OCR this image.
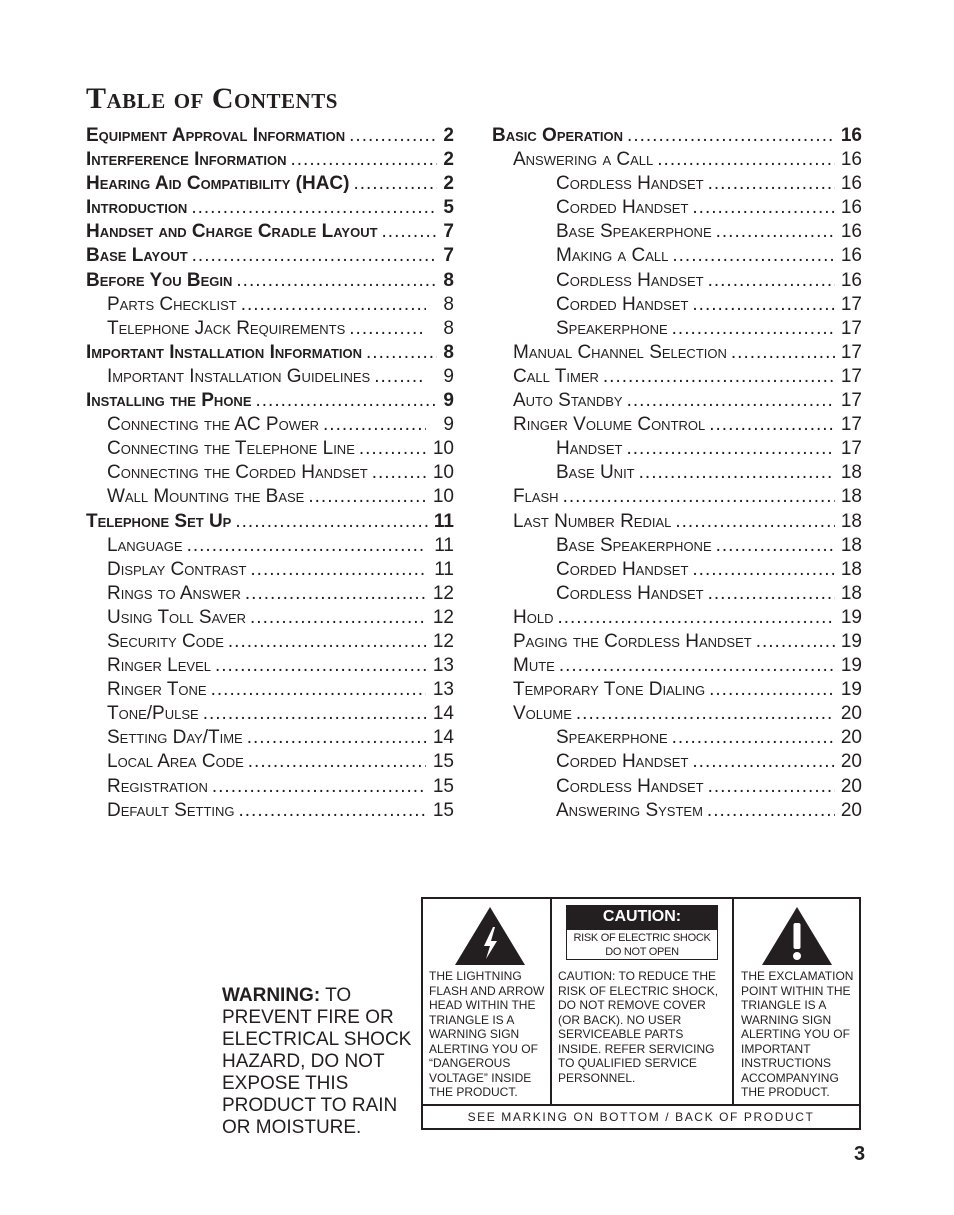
Table of Contents
Equipment Approval Information .....	2
Interference Information .....	2
Hearing Aid Compatibility (HAC) .....	2
Introduction .....	5
Handset and Charge Cradle Layout .....	7
Base Layout .....	7
Before You Begin .....	8
Parts Checklist .....	8
Telephone Jack Requirements .....	8
Important Installation Information .....	8
Important Installation Guidelines .....	9
Installing the Phone .....	9
Connecting the AC Power .....	9
Connecting the Telephone Line .....	10
Connecting the Corded Handset .....	10
Wall Mounting the Base .....	10
Telephone Set Up .....	11
Language .....	11
Display Contrast .....	11
Rings to Answer .....	12
Using Toll Saver .....	12
Security Code .....	12
Ringer Level .....	13
Ringer Tone .....	13
Tone/Pulse .....	14
Setting Day/Time .....	14
Local Area Code .....	15
Registration .....	15
Default Setting .....	15
Basic Operation .....	16
Answering a Call .....	16
Cordless Handset .....	16
Corded Handset .....	16
Base Speakerphone .....	16
Making a Call .....	16
Cordless Handset .....	16
Corded Handset .....	17
Speakerphone .....	17
Manual Channel Selection .....	17
Call Timer .....	17
Auto Standby .....	17
Ringer Volume Control .....	17
Handset .....	17
Base Unit .....	18
Flash .....	18
Last Number Redial .....	18
Base Speakerphone .....	18
Corded Handset .....	18
Cordless Handset .....	18
Hold .....	19
Paging the Cordless Handset .....	19
Mute .....	19
Temporary Tone Dialing .....	19
Volume .....	20
Speakerphone .....	20
Corded Handset .....	20
Cordless Handset .....	20
Answering System .....	20

WARNING: TO PREVENT FIRE OR ELECTRICAL SHOCK HAZARD, DO NOT EXPOSE THIS PRODUCT TO RAIN OR MOISTURE.

THE LIGHTNING FLASH AND ARROW HEAD WITHIN THE TRIANGLE IS A WARNING SIGN ALERTING YOU OF “DANGEROUS VOLTAGE” INSIDE THE PRODUCT.

CAUTION:
RISK OF ELECTRIC SHOCK DO NOT OPEN

CAUTION: TO REDUCE THE RISK OF ELECTRIC SHOCK, DO NOT REMOVE COVER (OR BACK). NO USER SERVICEABLE PARTS INSIDE. REFER SERVICING TO QUALIFIED SERVICE PERSONNEL.

THE EXCLAMATION POINT WITHIN THE TRIANGLE IS A WARNING SIGN ALERTING YOU OF IMPORTANT INSTRUCTIONS ACCOMPANYING THE PRODUCT.

SEE MARKING ON BOTTOM / BACK OF PRODUCT

3
